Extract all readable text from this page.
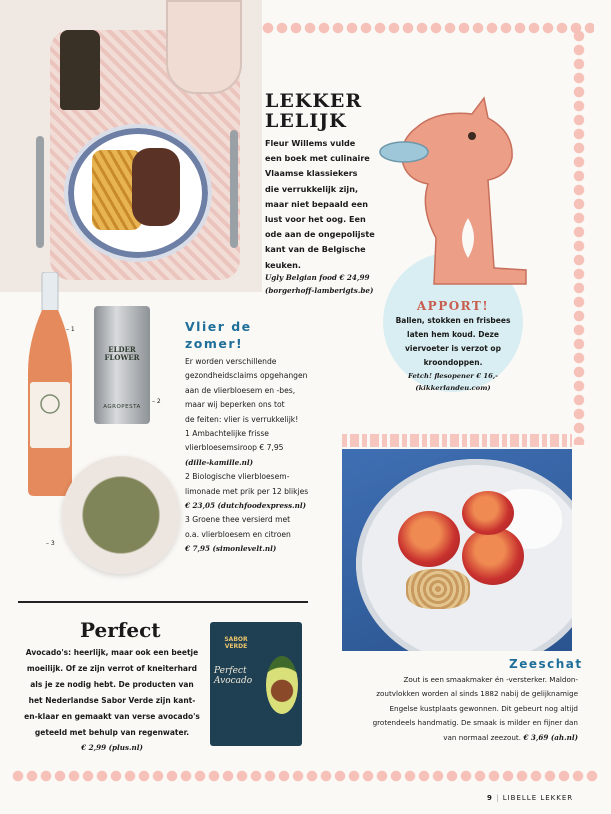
LEKKER
LELIJK
Fleur Willems vulde
een boek met culinaire
Vlaamse klassiekers
die verrukkelijk zijn,
maar niet bepaald een
lust voor het oog. Een
ode aan de ongepolijste
kant van de Belgische
keuken.
Ugly Belgian food € 24,99
(borgerhoff-lamberigts.be)
APPORT!
Ballen, stokken en frisbees
laten hem koud. Deze
viervoeter is verzot op
kroondoppen.
Fetch! flesopener € 16,-
(kikkerlandeu.com)
– 1
ELDER FLOWER
AGROPESTA
– 2
– 3
Vlier de
zomer!
Er worden verschillende
gezondheidsclaims opgehangen
aan de vlierbloesem en -bes,
maar wij beperken ons tot
de feiten: vlier is verrukkelijk!
1 Ambachtelijke frisse
vlierbloesemsiroop € 7,95
(dille-kamille.nl)
2 Biologische vlierbloesem-
limonade met prik per 12 blikjes
€ 23,05 (dutchfoodexpress.nl)
3 Groene thee versierd met
o.a. vlierbloesem en citroen
€ 7,95 (simonlevelt.nl)
Perfect
Avocado's: heerlijk, maar ook een beetje
moeilijk. Of ze zijn verrot of kneiterhard
als je ze nodig hebt. De producten van
het Nederlandse Sabor Verde zijn kant-
en-klaar en gemaakt van verse avocado's
geteeld met behulp van regenwater.
€ 2,99 (plus.nl)
SABOR VERDE
Perfect Avocado
Zeeschat
Zout is een smaakmaker én -versterker. Maldon-
zoutvlokken worden al sinds 1882 nabij de gelijknamige
Engelse kustplaats gewonnen. Dit gebeurt nog altijd
grotendeels handmatig. De smaak is milder en fijner dan
van normaal zeezout. € 3,69 (ah.nl)
9 | LIBELLE LEKKER
